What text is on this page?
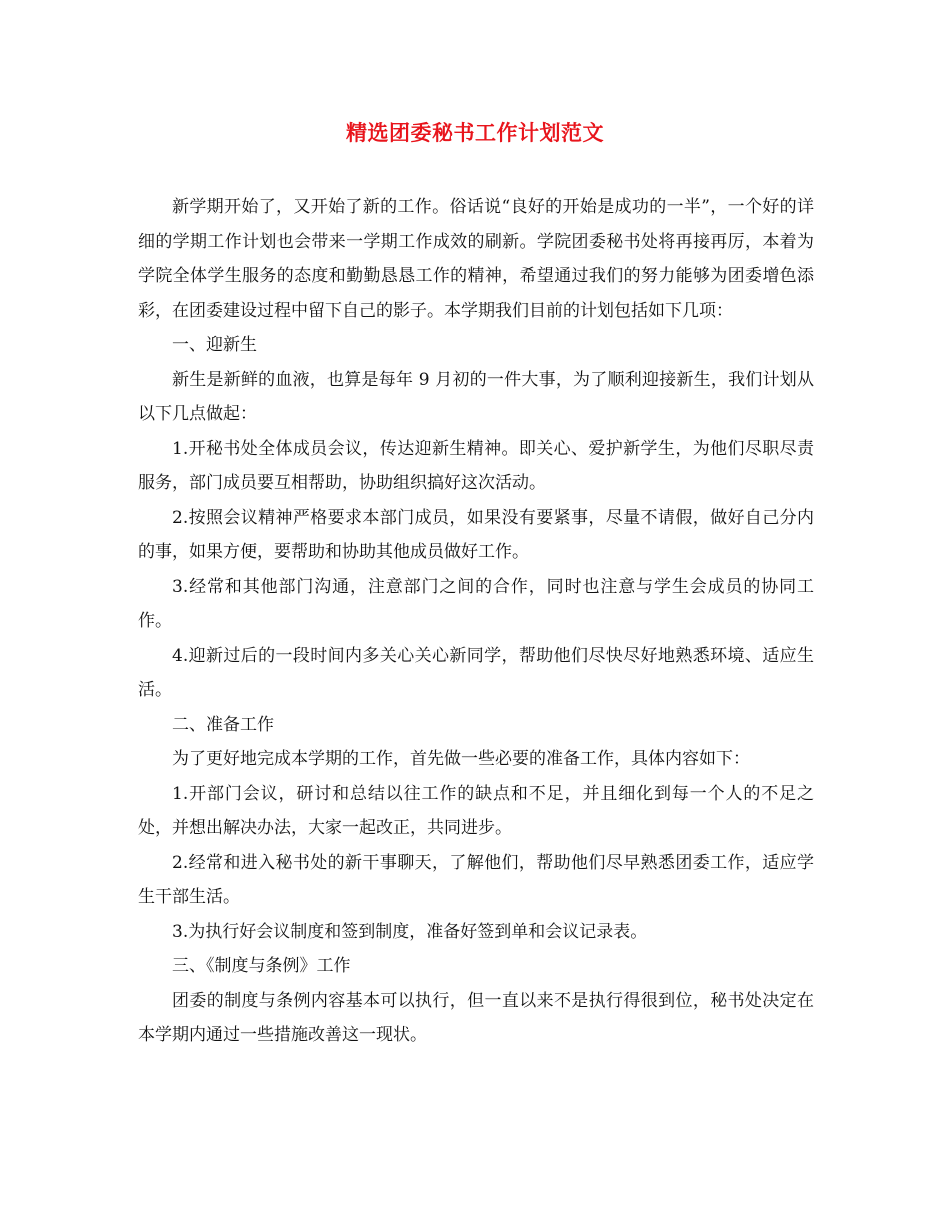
精选团委秘书工作计划范文

新学期开始了，又开始了新的工作。俗话说“良好的开始是成功的一半”，一个好的详细的学期工作计划也会带来一学期工作成效的刷新。学院团委秘书处将再接再厉，本着为学院全体学生服务的态度和勤勤恳恳工作的精神，希望通过我们的努力能够为团委增色添彩，在团委建设过程中留下自己的影子。本学期我们目前的计划包括如下几项：

一、迎新生

新生是新鲜的血液，也算是每年 9 月初的一件大事，为了顺利迎接新生，我们计划从以下几点做起：

1.开秘书处全体成员会议，传达迎新生精神。即关心、爱护新学生，为他们尽职尽责服务，部门成员要互相帮助，协助组织搞好这次活动。

2.按照会议精神严格要求本部门成员，如果没有要紧事，尽量不请假，做好自己分内的事，如果方便，要帮助和协助其他成员做好工作。

3.经常和其他部门沟通，注意部门之间的合作，同时也注意与学生会成员的协同工作。

4.迎新过后的一段时间内多关心关心新同学，帮助他们尽快尽好地熟悉环境、适应生活。

二、准备工作

为了更好地完成本学期的工作，首先做一些必要的准备工作，具体内容如下：

1.开部门会议，研讨和总结以往工作的缺点和不足，并且细化到每一个人的不足之处，并想出解决办法，大家一起改正，共同进步。

2.经常和进入秘书处的新干事聊天，了解他们，帮助他们尽早熟悉团委工作，适应学生干部生活。

3.为执行好会议制度和签到制度，准备好签到单和会议记录表。

三、《制度与条例》工作

团委的制度与条例内容基本可以执行，但一直以来不是执行得很到位，秘书处决定在本学期内通过一些措施改善这一现状。
